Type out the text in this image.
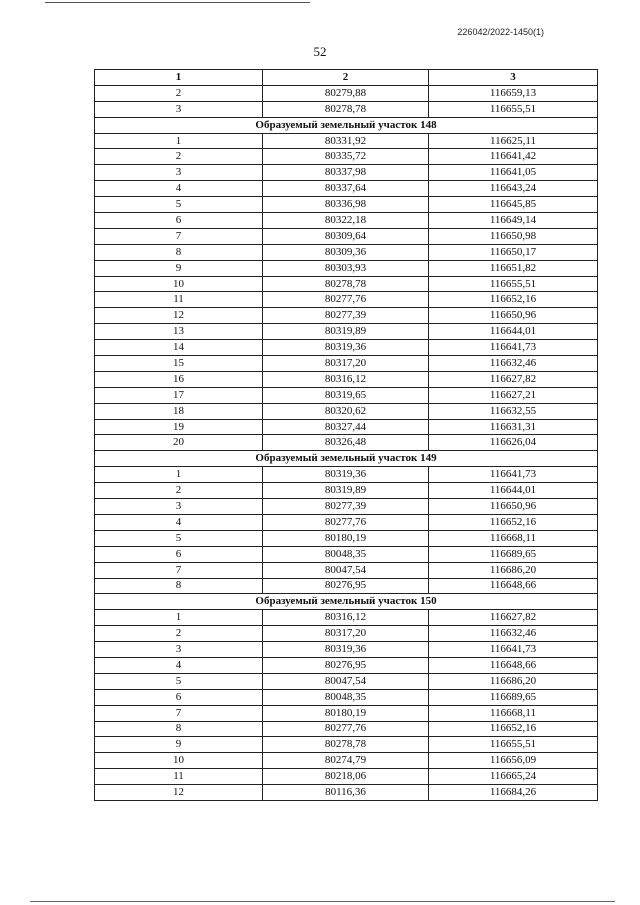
226042/2022-1450(1)
52
1	2	3
2	80279,88	116659,13
3	80278,78	116655,51
Образуемый земельный участок 148		
1	80331,92	116625,11
2	80335,72	116641,42
3	80337,98	116641,05
4	80337,64	116643,24
5	80336,98	116645,85
6	80322,18	116649,14
7	80309,64	116650,98
8	80309,36	116650,17
9	80303,93	116651,82
10	80278,78	116655,51
11	80277,76	116652,16
12	80277,39	116650,96
13	80319,89	116644,01
14	80319,36	116641,73
15	80317,20	116632,46
16	80316,12	116627,82
17	80319,65	116627,21
18	80320,62	116632,55
19	80327,44	116631,31
20	80326,48	116626,04
Образуемый земельный участок 149		
1	80319,36	116641,73
2	80319,89	116644,01
3	80277,39	116650,96
4	80277,76	116652,16
5	80180,19	116668,11
6	80048,35	116689,65
7	80047,54	116686,20
8	80276,95	116648,66
Образуемый земельный участок 150		
1	80316,12	116627,82
2	80317,20	116632,46
3	80319,36	116641,73
4	80276,95	116648,66
5	80047,54	116686,20
6	80048,35	116689,65
7	80180,19	116668,11
8	80277,76	116652,16
9	80278,78	116655,51
10	80274,79	116656,09
11	80218,06	116665,24
12	80116,36	116684,26
